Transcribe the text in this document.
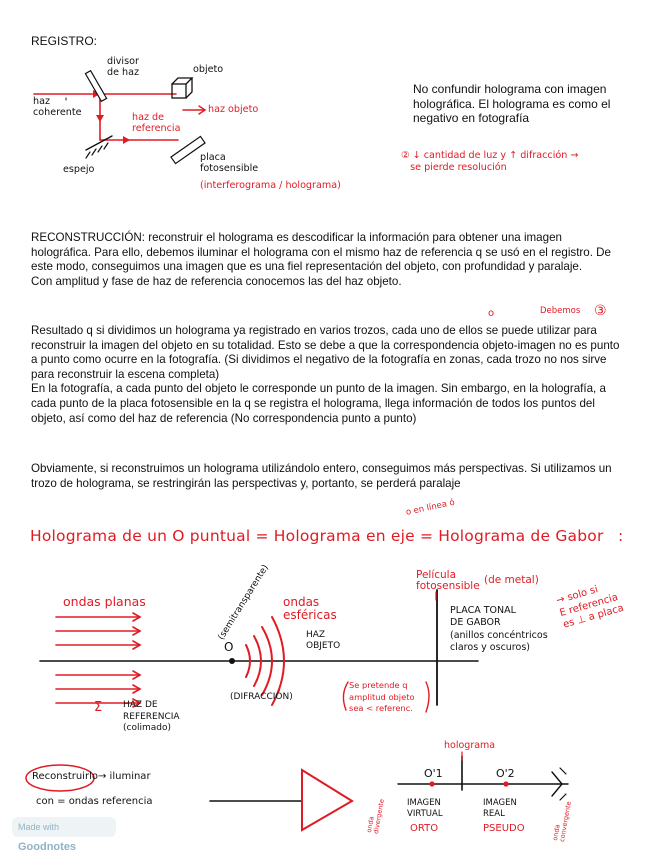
REGISTRO:
divisor
de haz	objeto
haz
coherente	haz de
referencia
haz objeto
espejo
placa
fotosensible
(interferograma / holograma)
No confundir holograma con imagen holográfica. El holograma es como el negativo en fotografía
② ↓ cantidad de luz y ↑ difracción →
se pierde resolución
RECONSTRUCCIÓN: reconstruir el holograma es descodificar la información para obtener una imagen holográfica. Para ello, debemos iluminar el holograma con el mismo haz de referencia q se usó en el registro. De este modo, conseguimos una imagen que es una fiel representación del objeto, con profundidad y paralaje.
Con amplitud y fase de haz de referencia conocemos las del haz objeto.
Resultado q si dividimos un holograma ya registrado en varios trozos, cada uno de ellos se puede utilizar para reconstruir la imagen del objeto en su totalidad. Esto se debe a que la correspondencia objeto-imagen no es punto a punto como ocurre en la fotografía. (Si dividimos el negativo de la fotografía en zonas, cada trozo no nos sirve para reconstruir la escena completa)
En la fotografía, a cada punto del objeto le corresponde un punto de la imagen. Sin embargo, en la holografía, a cada punto de la placa fotosensible en la q se registra el holograma, llega información de todos los puntos del objeto, así como del haz de referencia (No correspondencia punto a punto)
Obviamente, si reconstruimos un holograma utilizándolo entero, conseguimos más perspectivas. Si utilizamos un trozo de holograma, se restringirán las perspectivas y, portanto, se perderá paralaje
Debemos
o	③
Holograma de un O puntual = Holograma en eje = Holograma de Gabor :
o en línea ó
ondas planas	(semitransparente)
O
ondas
esféricas
HAZ
OBJETO
(DIFRACCIÓN)
Película
fotosensible (de metal)
PLACA TONAL
DE GABOR
(anillos concéntricos
claros y oscuros)
→ solo si
E referencia
es ⊥ a placa
Se pretende q
amplitud objeto
sea < referenc.
Σ HAZ DE
REFERENCIA
(colimado)
Reconstruirlo → iluminar
con = ondas referencia
holograma
O'1	O'2
IMAGEN
VIRTUAL
ORTO
IMAGEN
REAL
PSEUDO
onda
divergente	onda
convergente
Made with Goodnotes
